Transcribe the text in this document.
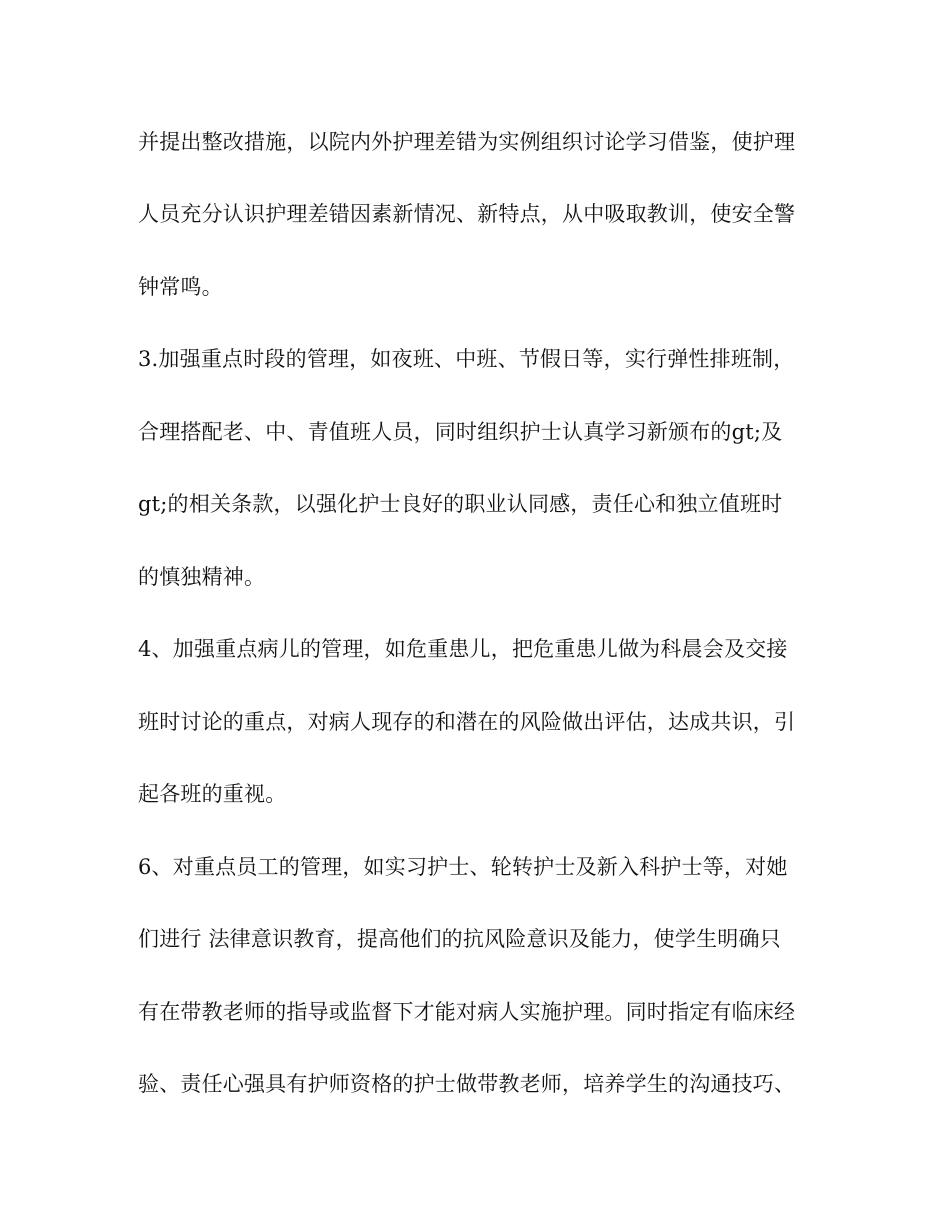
并提出整改措施，以院内外护理差错为实例组织讨论学习借鉴，使护理
人员充分认识护理差错因素新情况、新特点，从中吸取教训，使安全警
钟常鸣。
3.加强重点时段的管理，如夜班、中班、节假日等，实行弹性排班制，
合理搭配老、中、青值班人员，同时组织护士认真学习新颁布的gt;及
gt;的相关条款，以强化护士良好的职业认同感，责任心和独立值班时
的慎独精神。
4、加强重点病儿的管理，如危重患儿，把危重患儿做为科晨会及交接
班时讨论的重点，对病人现存的和潜在的风险做出评估，达成共识，引
起各班的重视。
6、对重点员工的管理，如实习护士、轮转护士及新入科护士等，对她
们进行 法律意识教育，提高他们的抗风险意识及能力，使学生明确只
有在带教老师的指导或监督下才能对病人实施护理。同时指定有临床经
验、责任心强具有护师资格的护士做带教老师，培养学生的沟通技巧、
